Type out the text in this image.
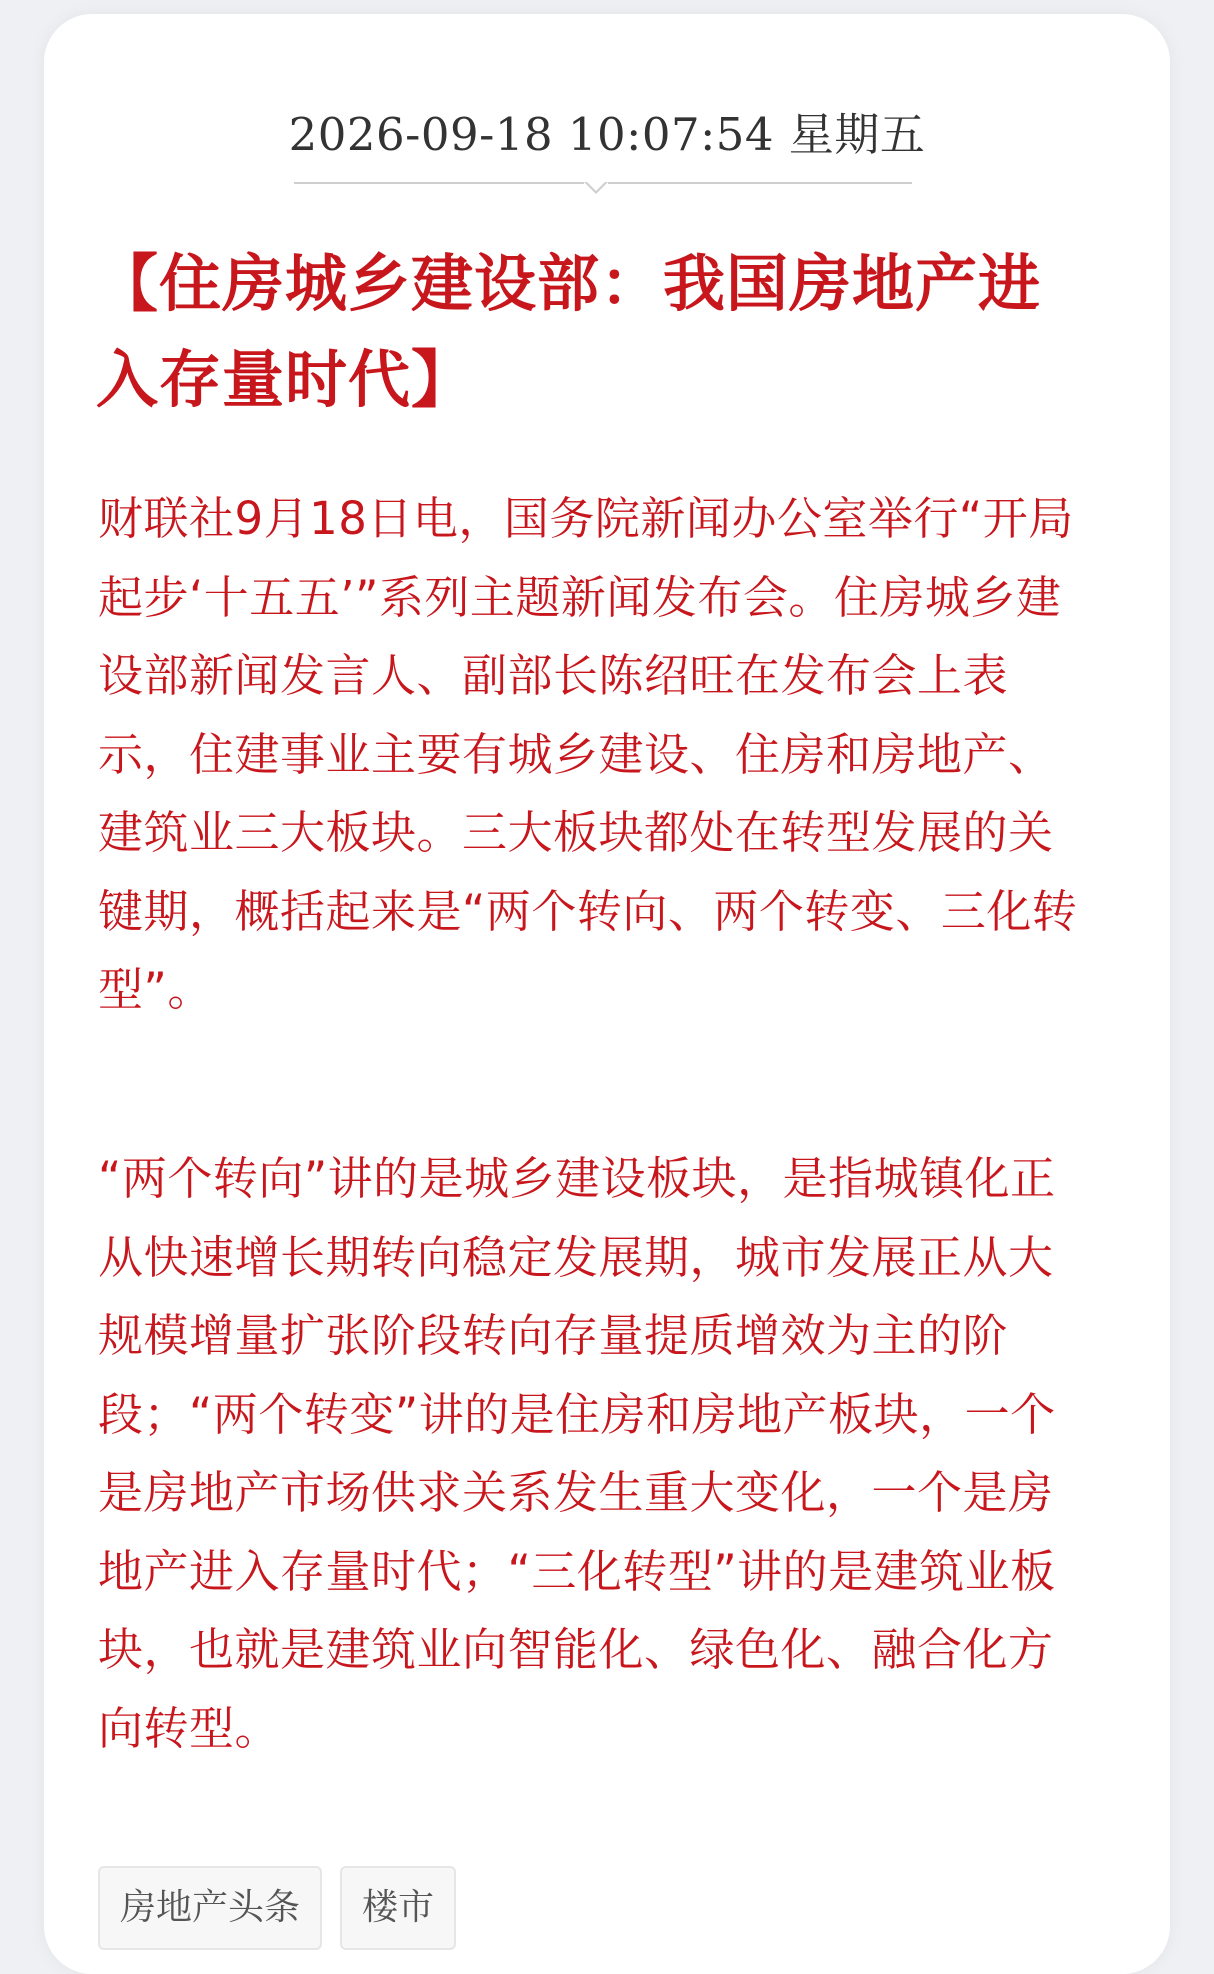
2026-09-18 10:07:54 星期五
【住房城乡建设部：我国房地产进入存量时代】

财联社9月18日电，国务院新闻办公室举行“开局起步‘十五五’”系列主题新闻发布会。住房城乡建设部新闻发言人、副部长陈绍旺在发布会上表示，住建事业主要有城乡建设、住房和房地产、建筑业三大板块。三大板块都处在转型发展的关键期，概括起来是“两个转向、两个转变、三化转型”。

“两个转向”讲的是城乡建设板块，是指城镇化正从快速增长期转向稳定发展期，城市发展正从大规模增量扩张阶段转向存量提质增效为主的阶段；“两个转变”讲的是住房和房地产板块，一个是房地产市场供求关系发生重大变化，一个是房地产进入存量时代；“三化转型”讲的是建筑业板块，也就是建筑业向智能化、绿色化、融合化方向转型。

房地产头条	楼市
